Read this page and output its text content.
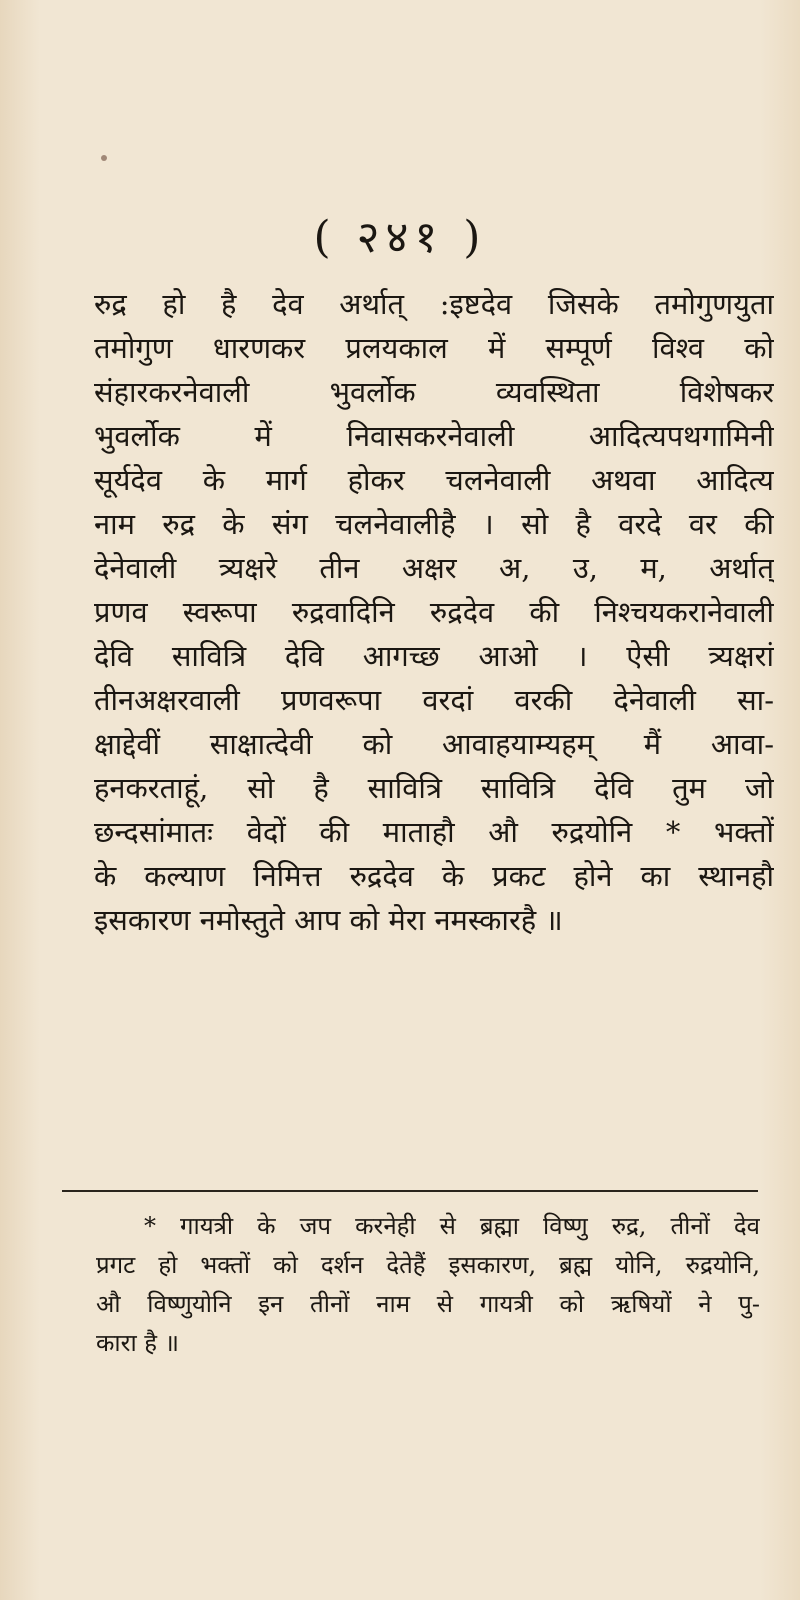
( २४१ )
रुद्र हो है देव अर्थात् :इष्टदेव जिसके तमोगुणयुता
तमोगुण धारणकर प्रलयकाल में सम्पूर्ण विश्व को
संहारकरनेवाली भुवर्लोक व्यवस्थिता विशेषकर
भुवर्लोक में निवासकरनेवाली आदित्यपथगामिनी
सूर्यदेव के मार्ग होकर चलनेवाली अथवा आदित्य
नाम रुद्र के संग चलनेवालीहै । सो है वरदे वर की
देनेवाली त्र्यक्षरे तीन अक्षर अ, उ, म, अर्थात्
प्रणव स्वरूपा रुद्रवादिनि रुद्रदेव की निश्चयकरानेवाली
देवि सावित्रि देवि आगच्छ आओ । ऐसी त्र्यक्षरां
तीनअक्षरवाली प्रणवरूपा वरदां वरकी देनेवाली सा-
क्षाद्देवीं साक्षात्देवी को आवाहयाम्यहम् मैं आवा-
हनकरताहूं, सो है सावित्रि सावित्रि देवि तुम जो
छन्दसांमातः वेदों की माताहौ औ रुद्रयोनि * भक्तों
के कल्याण निमित्त रुद्रदेव के प्रकट होने का स्थानहौ
इसकारण नमोस्तुते आप को मेरा नमस्कारहै ॥
* गायत्री के जप करनेही से ब्रह्मा विष्णु रुद्र, तीनों देव
प्रगट हो भक्तों को दर्शन देतेहैं इसकारण, ब्रह्म योनि, रुद्रयोनि,
औ विष्णुयोनि इन तीनों नाम से गायत्री को ऋषियों ने पु-
कारा है ॥
